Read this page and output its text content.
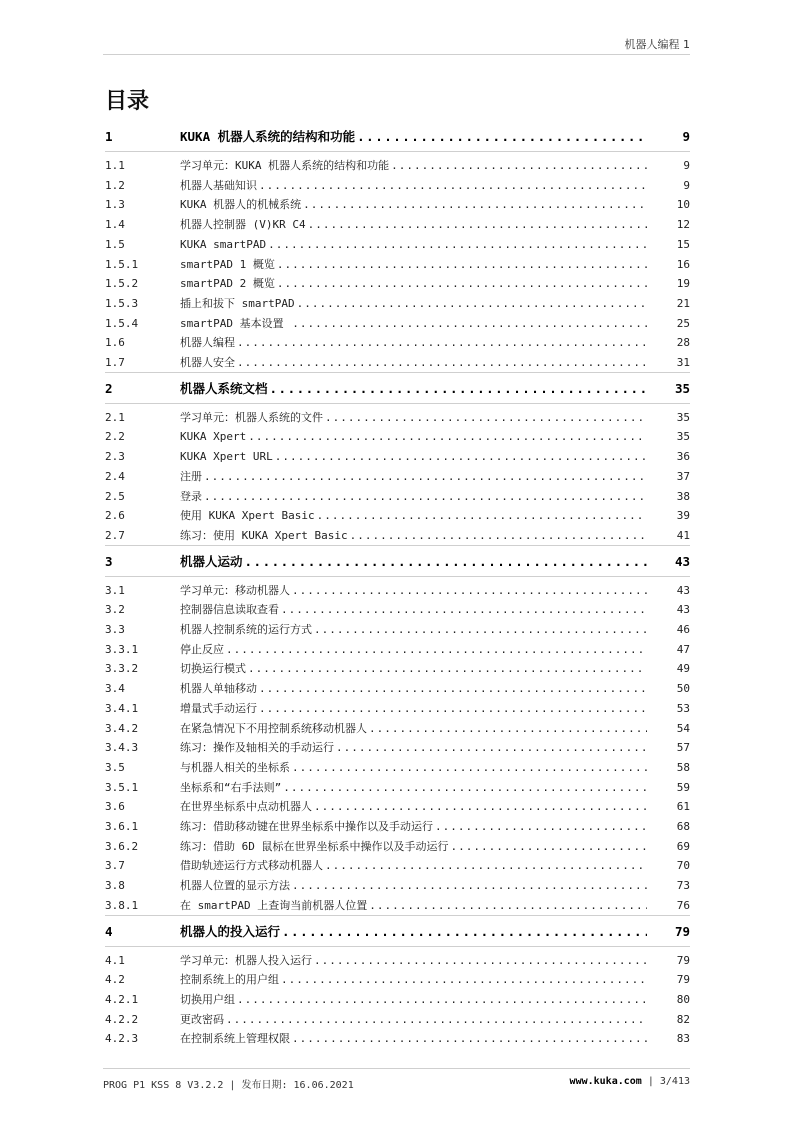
机器人编程 1
目录
1	KUKA 机器人系统的结构和功能 .....	9
1.1	学习单元：KUKA 机器人系统的结构和功能 .....	9
1.2	机器人基础知识 .....	9
1.3	KUKA 机器人的机械系统 .....	10
1.4	机器人控制器 (V)KR C4 .....	12
1.5	KUKA smartPAD .....	15
1.5.1	smartPAD 1 概览 .....	16
1.5.2	smartPAD 2 概览 .....	19
1.5.3	插上和拔下 smartPAD .....	21
1.5.4	smartPAD 基本设置 .....	25
1.6	机器人编程 .....	28
1.7	机器人安全 .....	31
2	机器人系统文档 .....	35
2.1	学习单元：机器人系统的文件 .....	35
2.2	KUKA Xpert .....	35
2.3	KUKA Xpert URL .....	36
2.4	注册 .....	37
2.5	登录 .....	38
2.6	使用 KUKA Xpert Basic .....	39
2.7	练习：使用 KUKA Xpert Basic .....	41
3	机器人运动 .....	43
3.1	学习单元：移动机器人 .....	43
3.2	控制器信息读取查看 .....	43
3.3	机器人控制系统的运行方式 .....	46
3.3.1	停止反应 .....	47
3.3.2	切换运行模式 .....	49
3.4	机器人单轴移动 .....	50
3.4.1	增量式手动运行 .....	53
3.4.2	在紧急情况下不用控制系统移动机器人 .....	54
3.4.3	练习：操作及轴相关的手动运行 .....	57
3.5	与机器人相关的坐标系 .....	58
3.5.1	坐标系和“右手法则” .....	59
3.6	在世界坐标系中点动机器人 .....	61
3.6.1	练习：借助移动键在世界坐标系中操作以及手动运行 .....	68
3.6.2	练习：借助 6D 鼠标在世界坐标系中操作以及手动运行 .....	69
3.7	借助轨迹运行方式移动机器人 .....	70
3.8	机器人位置的显示方法 .....	73
3.8.1	在 smartPAD 上查询当前机器人位置 .....	76
4	机器人的投入运行 .....	79
4.1	学习单元：机器人投入运行 .....	79
4.2	控制系统上的用户组 .....	79
4.2.1	切换用户组 .....	80
4.2.2	更改密码 .....	82
4.2.3	在控制系统上管理权限 .....	83
PROG P1 KSS 8 V3.2.2 | 发布日期: 16.06.2021	www.kuka.com | 3/413
